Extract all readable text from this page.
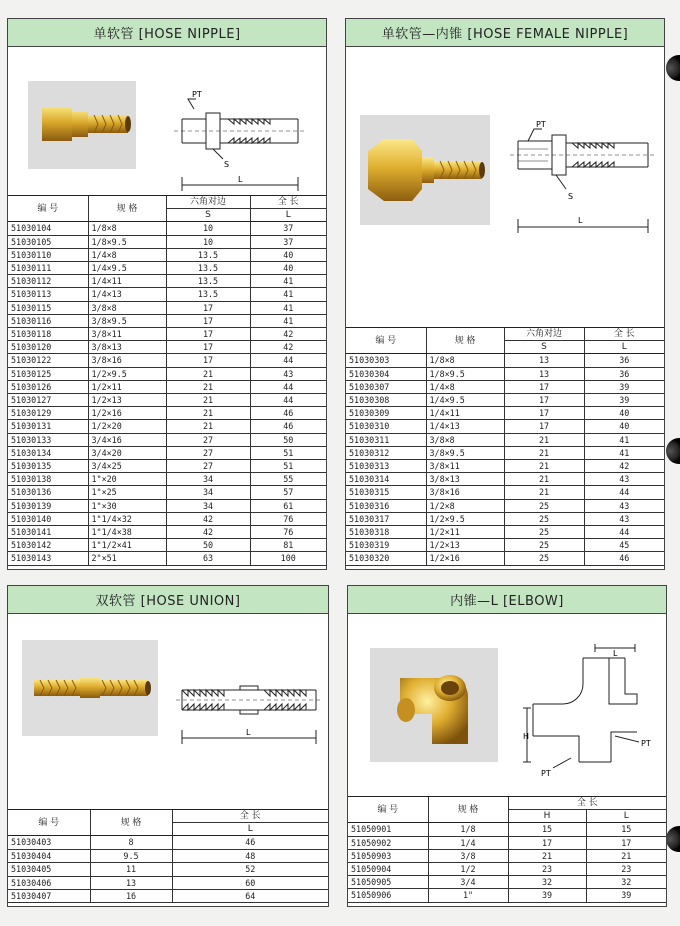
单软管 [HOSE NIPPLE]
PT
S
L
编 号	规 格	六角对边	全 长
		S	L
51030104	1/8×8	10	37
51030105	1/8×9.5	10	37
51030110	1/4×8	13.5	40
51030111	1/4×9.5	13.5	40
51030112	1/4×11	13.5	41
51030113	1/4×13	13.5	41
51030115	3/8×8	17	41
51030116	3/8×9.5	17	41
51030118	3/8×11	17	42
51030120	3/8×13	17	42
51030122	3/8×16	17	44
51030125	1/2×9.5	21	43
51030126	1/2×11	21	44
51030127	1/2×13	21	44
51030129	1/2×16	21	46
51030131	1/2×20	21	46
51030133	3/4×16	27	50
51030134	3/4×20	27	51
51030135	3/4×25	27	51
51030138	1"×20	34	55
51030136	1"×25	34	57
51030139	1"×30	34	61
51030140	1"1/4×32	42	76
51030141	1"1/4×38	42	76
51030142	1"1/2×41	50	81
51030143	2"×51	63	100
单软管—内锥 [HOSE FEMALE NIPPLE]
PT
S
L
编 号	规 格	六角对边	全 长
		S	L
51030303	1/8×8	13	36
51030304	1/8×9.5	13	36
51030307	1/4×8	17	39
51030308	1/4×9.5	17	39
51030309	1/4×11	17	40
51030310	1/4×13	17	40
51030311	3/8×8	21	41
51030312	3/8×9.5	21	41
51030313	3/8×11	21	42
51030314	3/8×13	21	43
51030315	3/8×16	21	44
51030316	1/2×8	25	43
51030317	1/2×9.5	25	43
51030318	1/2×11	25	44
51030319	1/2×13	25	45
51030320	1/2×16	25	46
双软管 [HOSE UNION]
L
编 号	规 格	全 长
		L
51030403	8	46
51030404	9.5	48
51030405	11	52
51030406	13	60
51030407	16	64
内锥—L [ELBOW]
L
H
PT
PT
编 号	规 格	全 长	
		H	L
51050901	1/8	15	15
51050902	1/4	17	17
51050903	3/8	21	21
51050904	1/2	23	23
51050905	3/4	32	32
51050906	1"	39	39
